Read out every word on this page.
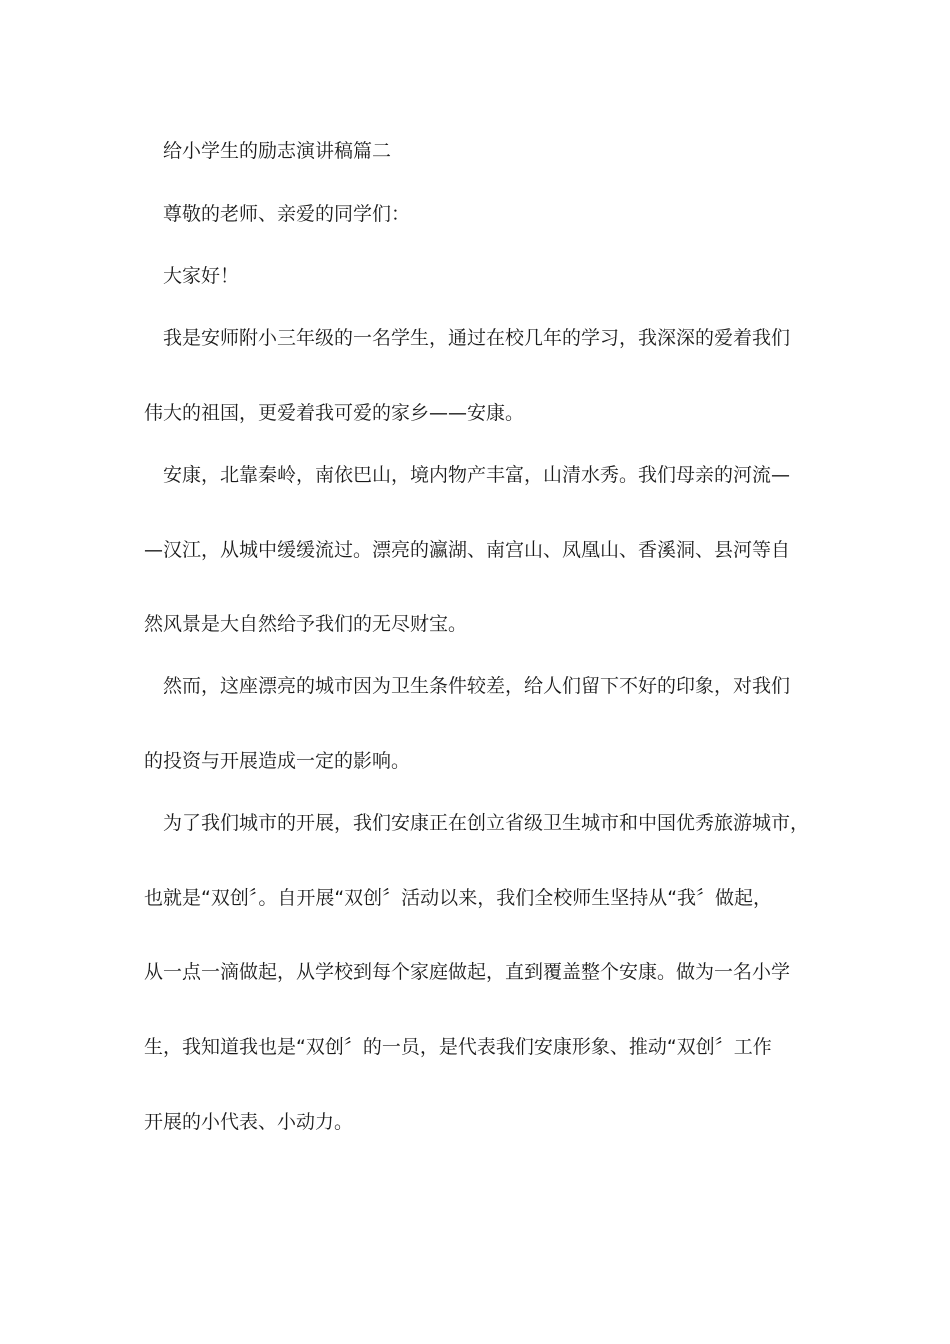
给小学生的励志演讲稿篇二
尊敬的老师、亲爱的同学们：
大家好！
我是安师附小三年级的一名学生，通过在校几年的学习，我深深的爱着我们
伟大的祖国，更爱着我可爱的家乡——安康。
安康，北靠秦岭，南依巴山，境内物产丰富，山清水秀。我们母亲的河流—
—汉江，从城中缓缓流过。漂亮的瀛湖、南宫山、凤凰山、香溪洞、县河等自
然风景是大自然给予我们的无尽财宝。
然而，这座漂亮的城市因为卫生条件较差，给人们留下不好的印象，对我们
的投资与开展造成一定的影响。
为了我们城市的开展，我们安康正在创立省级卫生城市和中国优秀旅游城市，
也就是“双创〞。自开展“双创〞活动以来，我们全校师生坚持从“我〞做起，
从一点一滴做起，从学校到每个家庭做起，直到覆盖整个安康。做为一名小学
生，我知道我也是“双创〞的一员，是代表我们安康形象、推动“双创〞工作
开展的小代表、小动力。
